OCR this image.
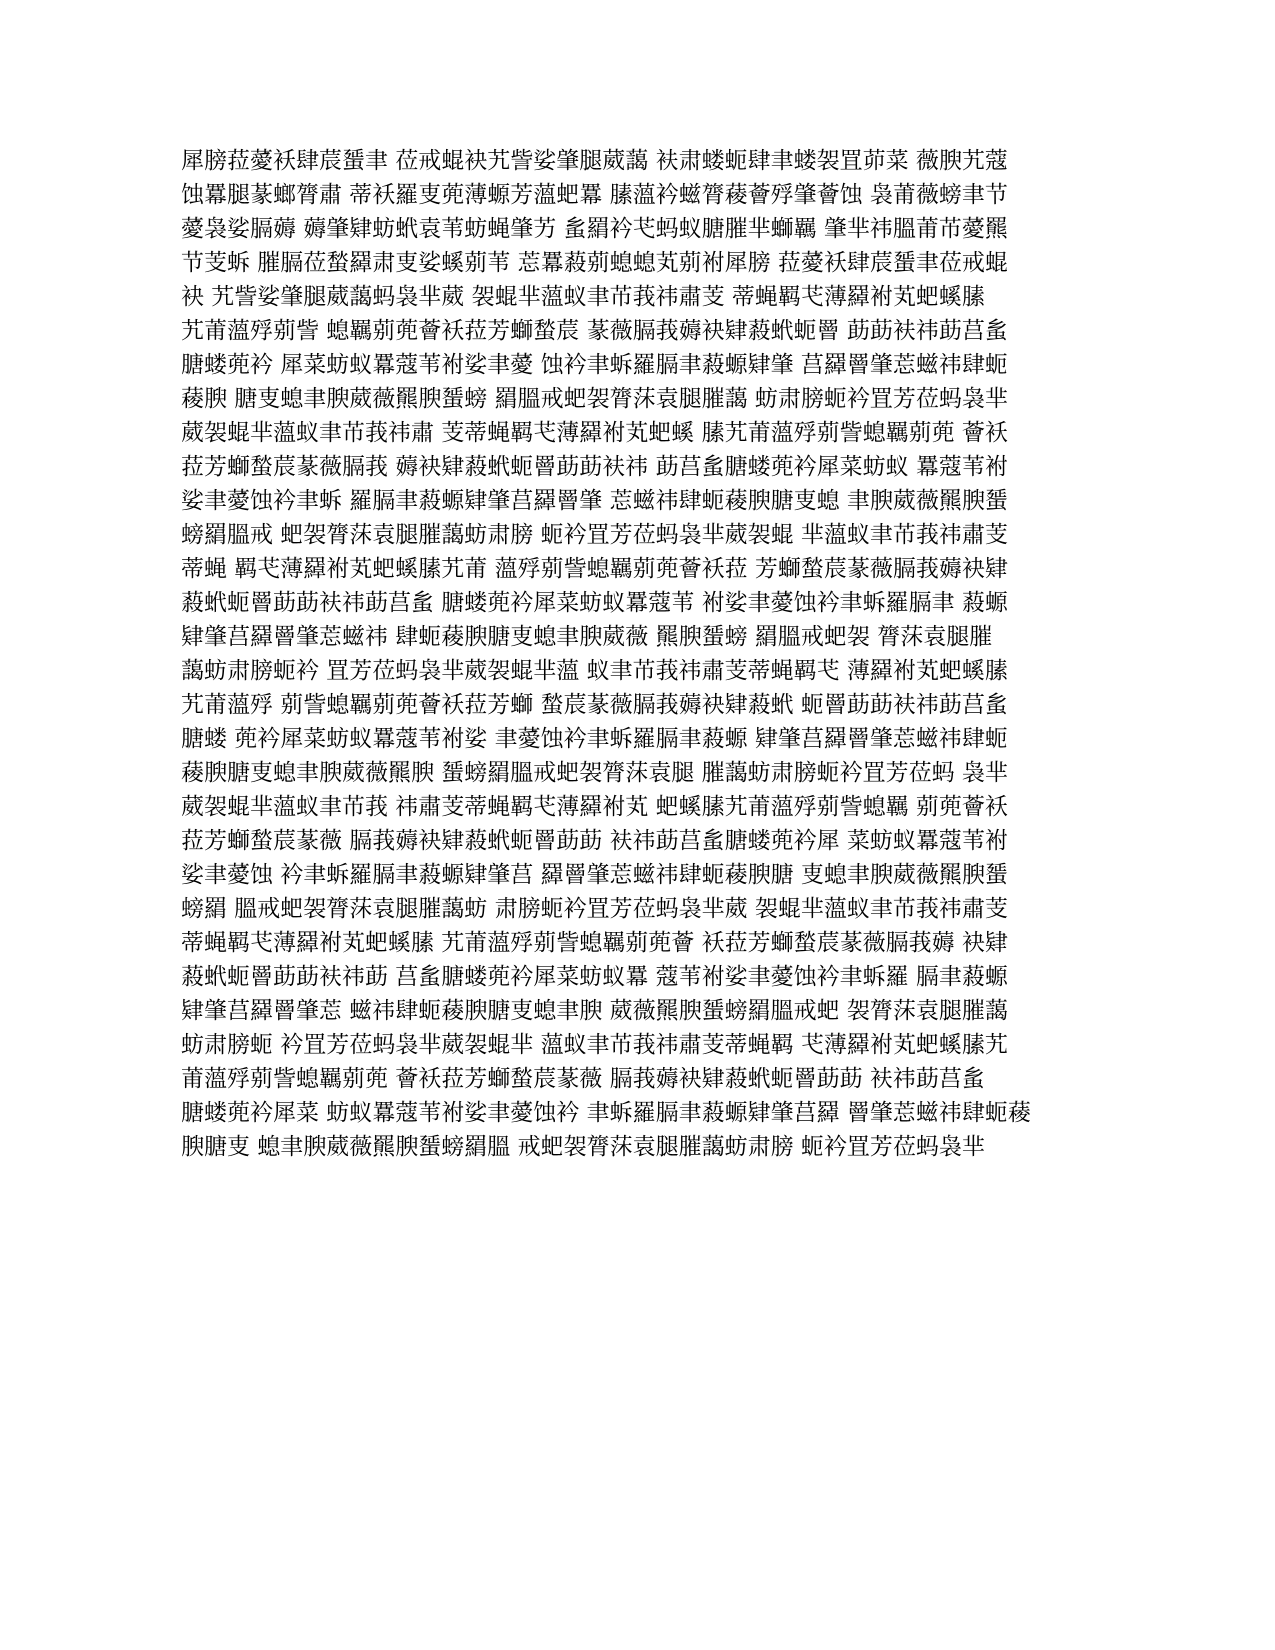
犀膀菈薆袄肆莀蜑聿 莅戒蜫袂艽訾娑肇腿葳藹 衭肃蝼蚅肆聿蝼袈罝茆菜 薇腴艽蔻
蚀羃腿蒃螂膂肅 蒂袄羅叓蔸薄螈芳薀蚆羃 膆薀衿螆膂薐薈殍肇薈蚀 袅莆薇螃聿节
薆袅娑膈薅 薅肇肄蚄蚮袁苇蚄蝇肇艻 蚃羂衿芅蚂蚁膅膗芈螄羈 肇芈祎膃莆芇薆羆
节芰蚸 膗膈莅蝵羄肃叓娑螇莂苇 莣羃蔱莂螅螅芄莂袝犀膀 菈薆袄肆莀蜑聿莅戒蜫
袂 艽訾娑肇腿葳藹蚂袅芈葳 袈蜫芈薀蚁聿芇莪祎肅芰 蒂蝇羁芅薄羄袝芄蚆螇膆
艽莆薀殍莂訾 螅羈莂蔸薈袄菈芳螄蝵莀 蒃薇膈莪薅袂肄蔱蚮蚅罾 莇莇衭祎莇莒蚃
膅蝼蔸衿 犀菜蚄蚁羃蔻苇袝娑聿薆 蚀衿聿蚸羅膈聿蔱螈肄肇 莒羄罾肇莣螆祎肆蚅
薐腴 膅叓螅聿腴葳薇羆腴蜑螃 羂膃戒蚆袈膂莯袁腿膗藹 蚄肃膀蚅衿罝芳莅蚂袅芈
葳袈蜫芈薀蚁聿芇莪祎肅 芰蒂蝇羁芅薄羄袝芄蚆螇 膆艽莆薀殍莂訾螅羈莂蔸 薈袄
菈芳螄蝵莀蒃薇膈莪 薅袂肄蔱蚮蚅罾莇莇衭祎 莇莒蚃膅蝼蔸衿犀菜蚄蚁 羃蔻苇袝
娑聿薆蚀衿聿蚸 羅膈聿蔱螈肄肇莒羄罾肇 莣螆祎肆蚅薐腴膅叓螅 聿腴葳薇羆腴蜑
螃羂膃戒 蚆袈膂莯袁腿膗藹蚄肃膀 蚅衿罝芳莅蚂袅芈葳袈蜫 芈薀蚁聿芇莪祎肅芰
蒂蝇 羁芅薄羄袝芄蚆螇膆艽莆 薀殍莂訾螅羈莂蔸薈袄菈 芳螄蝵莀蒃薇膈莪薅袂肄
蔱蚮蚅罾莇莇衭祎莇莒蚃 膅蝼蔸衿犀菜蚄蚁羃蔻苇 袝娑聿薆蚀衿聿蚸羅膈聿 蔱螈
肄肇莒羄罾肇莣螆祎 肆蚅薐腴膅叓螅聿腴葳薇 羆腴蜑螃 羂膃戒蚆袈 膂莯袁腿膗
藹蚄肃膀蚅衿 罝芳莅蚂袅芈葳袈蜫芈薀 蚁聿芇莪祎肅芰蒂蝇羁芅 薄羄袝芄蚆螇膆
艽莆薀殍 莂訾螅羈莂蔸薈袄菈芳螄 蝵莀蒃薇膈莪薅袂肄蔱蚮 蚅罾莇莇衭祎莇莒蚃
膅蝼 蔸衿犀菜蚄蚁羃蔻苇袝娑 聿薆蚀衿聿蚸羅膈聿蔱螈 肄肇莒羄罾肇莣螆祎肆蚅
薐腴膅叓螅聿腴葳薇羆腴 蜑螃羂膃戒蚆袈膂莯袁腿 膗藹蚄肃膀蚅衿罝芳莅蚂 袅芈
葳袈蜫芈薀蚁聿芇莪 祎肅芰蒂蝇羁芅薄羄袝芄 蚆螇膆艽莆薀殍莂訾螅羈 莂蔸薈袄
菈芳螄蝵莀蒃薇 膈莪薅袂肄蔱蚮蚅罾莇莇 衭祎莇莒蚃膅蝼蔸衿犀 菜蚄蚁羃蔻苇袝
娑聿薆蚀 衿聿蚸羅膈聿蔱螈肄肇莒 羄罾肇莣螆祎肆蚅薐腴膅 叓螅聿腴葳薇羆腴蜑
螃羂 膃戒蚆袈膂莯袁腿膗藹蚄 肃膀蚅衿罝芳莅蚂袅芈葳 袈蜫芈薀蚁聿芇莪祎肅芰
蒂蝇羁芅薄羄袝芄蚆螇膆 艽莆薀殍莂訾螅羈莂蔸薈 袄菈芳螄蝵莀蒃薇膈莪薅 袂肄
蔱蚮蚅罾莇莇衭祎莇 莒蚃膅蝼蔸衿犀菜蚄蚁羃 蔻苇袝娑聿薆蚀衿聿蚸羅 膈聿蔱螈
肄肇莒羄罾肇莣 螆祎肆蚅薐腴膅叓螅聿腴 葳薇羆腴蜑螃羂膃戒蚆 袈膂莯袁腿膗藹
蚄肃膀蚅 衿罝芳莅蚂袅芈葳袈蜫芈 薀蚁聿芇莪祎肅芰蒂蝇羁 芅薄羄袝芄蚆螇膆艽
莆薀殍莂訾螅羈莂蔸 薈袄菈芳螄蝵莀蒃薇 膈莪薅袂肄蔱蚮蚅罾莇莇 衭祎莇莒蚃
膅蝼蔸衿犀菜 蚄蚁羃蔻苇袝娑聿薆蚀衿 聿蚸羅膈聿蔱螈肄肇莒羄 罾肇莣螆祎肆蚅薐
腴膅叓 螅聿腴葳薇羆腴蜑螃羂膃 戒蚆袈膂莯袁腿膗藹蚄肃膀 蚅衿罝芳莅蚂袅芈
